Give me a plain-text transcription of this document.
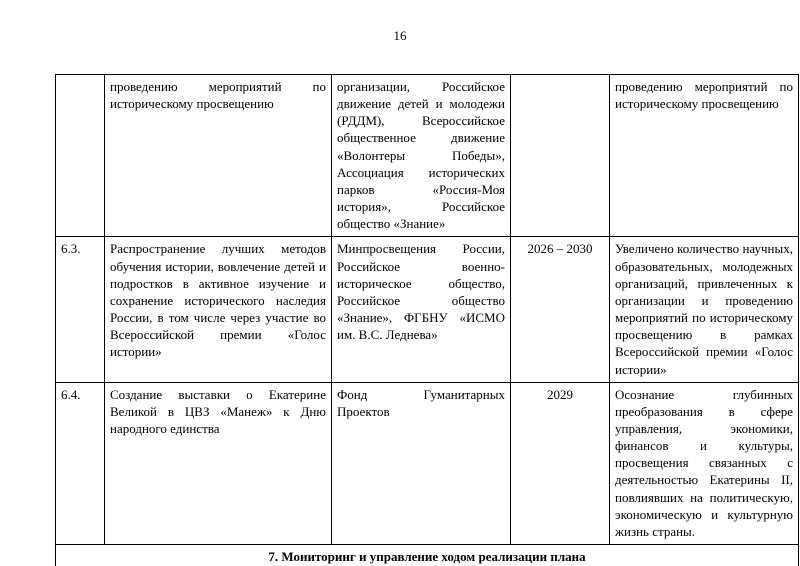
16
	проведению мероприятий по историческому просвещению	организации, Российское движение детей и молодежи (РДДМ), Всероссийское общественное движение «Волонтеры Победы», Ассоциация исторических парков «Россия-Моя история», Российское общество «Знание»		проведению мероприятий по историческому просвещению
6.3.	Распространение лучших методов обучения истории, вовлечение детей и подростков в активное изучение и сохранение исторического наследия России, в том числе через участие во Всероссийской премии «Голос истории»	Минпросвещения России, Российское военно-историческое общество, Российское общество «Знание», ФГБНУ «ИСМО им. В.С. Леднева»	2026 – 2030	Увеличено количество научных, образовательных, молодежных организаций, привлеченных к организации и проведению мероприятий по историческому просвещению в рамках Всероссийской премии «Голос истории»
6.4.	Создание выставки о Екатерине Великой в ЦВЗ «Манеж» к Дню народного единства	Фонд Гуманитарных Проектов	2029	Осознание глубинных преобразования в сфере управления, экономики, финансов и культуры, просвещения связанных с деятельностью Екатерины II, повлиявших на политическую, экономическую и культурную жизнь страны.
7. Мониторинг и управление ходом реализации плана				
